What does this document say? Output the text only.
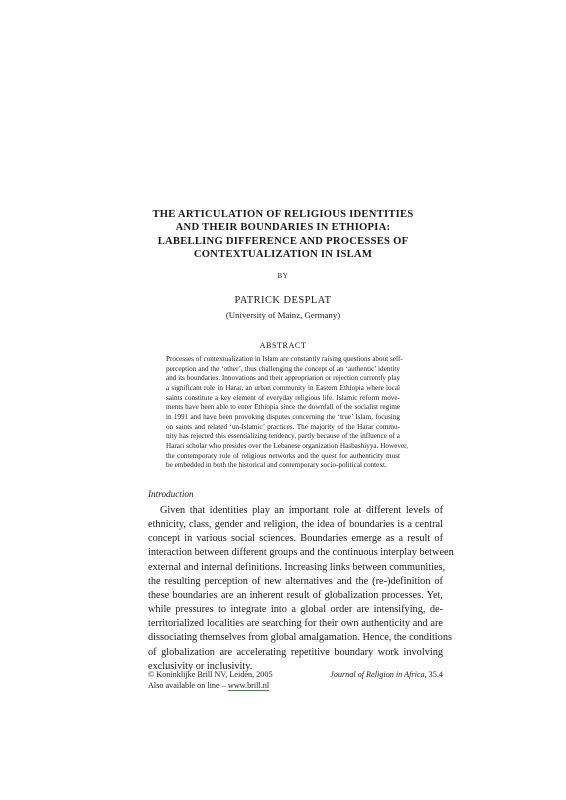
THE ARTICULATION OF RELIGIOUS IDENTITIES
AND THEIR BOUNDARIES IN ETHIOPIA:
LABELLING DIFFERENCE AND PROCESSES OF
CONTEXTUALIZATION IN ISLAM
BY
PATRICK DESPLAT
(University of Mainz, Germany)
ABSTRACT
Processes of contextualization in Islam are constantly raising questions about self-
perception and the ‘other’, thus challenging the concept of an ‘authentic’ identity
and its boundaries. Innovations and their appropriation or rejection currently play
a significant role in Harar, an urban community in Eastern Ethiopia where local
saints constitute a key element of everyday religious life. Islamic reform move-
ments have been able to enter Ethiopia since the downfall of the socialist regime
in 1991 and have been provoking disputes concerning the ‘true’ Islam, focusing
on saints and related ‘un-Islamic’ practices. The majority of the Harar commu-
nity has rejected this essentializing tendency, partly because of the influence of a
Harari scholar who presides over the Lebanese organization Hasbashiyya. However,
the contemporary role of religious networks and the quest for authenticity must
be embedded in both the historical and contemporary socio-political context.
Introduction
Given that identities play an important role at different levels of
ethnicity, class, gender and religion, the idea of boundaries is a central
concept in various social sciences. Boundaries emerge as a result of
interaction between different groups and the continuous interplay between
external and internal definitions. Increasing links between communities,
the resulting perception of new alternatives and the (re-)definition of
these boundaries are an inherent result of globalization processes. Yet,
while pressures to integrate into a global order are intensifying, de-
territorialized localities are searching for their own authenticity and are
dissociating themselves from global amalgamation. Hence, the conditions
of globalization are accelerating repetitive boundary work involving
exclusivity or inclusivity.
© Koninklijke Brill NV, Leiden, 2005
Also available on line – www.brill.nl
Journal of Religion in Africa, 35.4
